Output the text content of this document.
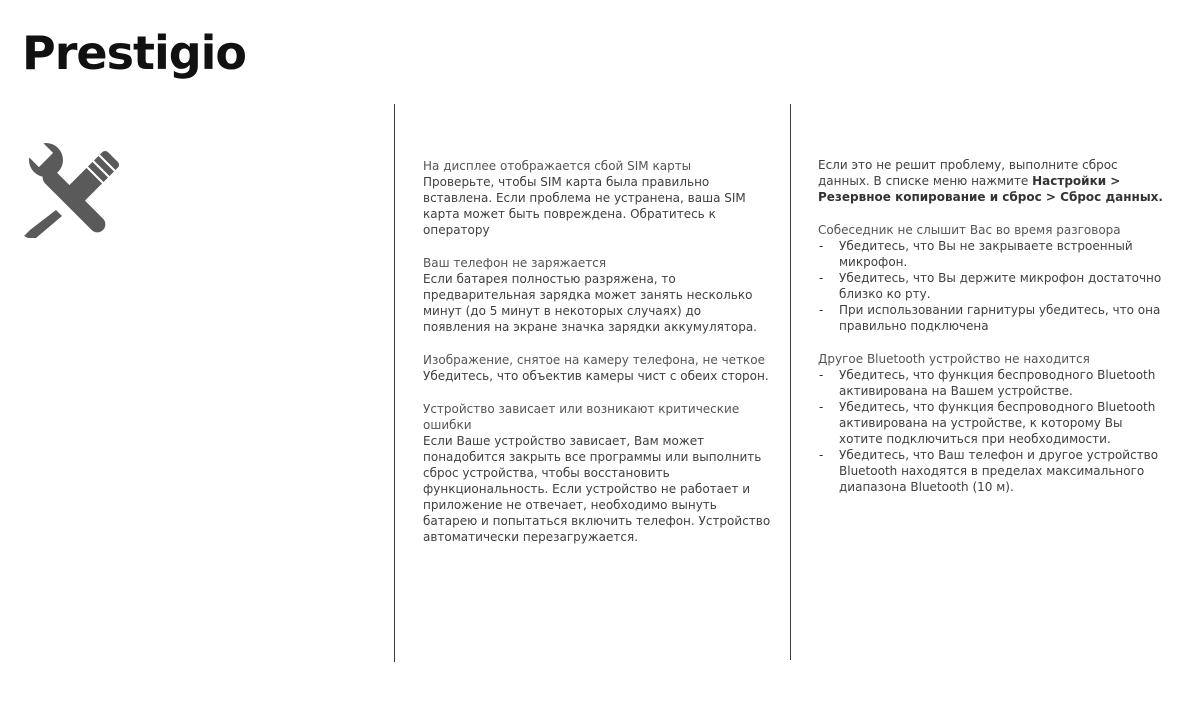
Prestigio
На дисплее отображается сбой SIM карты
Проверьте, чтобы SIM карта была правильно вставлена. Если проблема не устранена, ваша SIM карта может быть повреждена. Обратитесь к оператору
Ваш телефон не заряжается
Если батарея полностью разряжена, то предварительная зарядка может занять несколько минут (до 5 минут в некоторых случаях) до появления на экране значка зарядки аккумулятора.
Изображение, снятое на камеру телефона, не четкое
Убедитесь, что объектив камеры чист с обеих сторон.
Устройство зависает или возникают критические ошибки
Если Ваше устройство зависает, Вам может понадобится закрыть все программы или выполнить сброс устройства, чтобы восстановить функциональность. Если устройство не работает и приложение не отвечает, необходимо вынуть батарею и попытаться включить телефон. Устройство автоматически перезагружается.
Если это не решит проблему, выполните сброс данных. В списке меню нажмите Настройки > Резервное копирование и сброс > Сброс данных.
Собеседник не слышит Вас во время разговора
- Убедитесь, что Вы не закрываете встроенный микрофон.
- Убедитесь, что Вы держите микрофон достаточно близко ко рту.
- При использовании гарнитуры убедитесь, что она правильно подключена
Другое Bluetooth устройство не находится
- Убедитесь, что функция беспроводного Bluetooth активирована на Вашем устройстве.
- Убедитесь, что функция беспроводного Bluetooth активирована на устройстве, к которому Вы хотите подключиться при необходимости.
- Убедитесь, что Ваш телефон и другое устройство Bluetooth находятся в пределах максимального диапазона Bluetooth (10 м).
